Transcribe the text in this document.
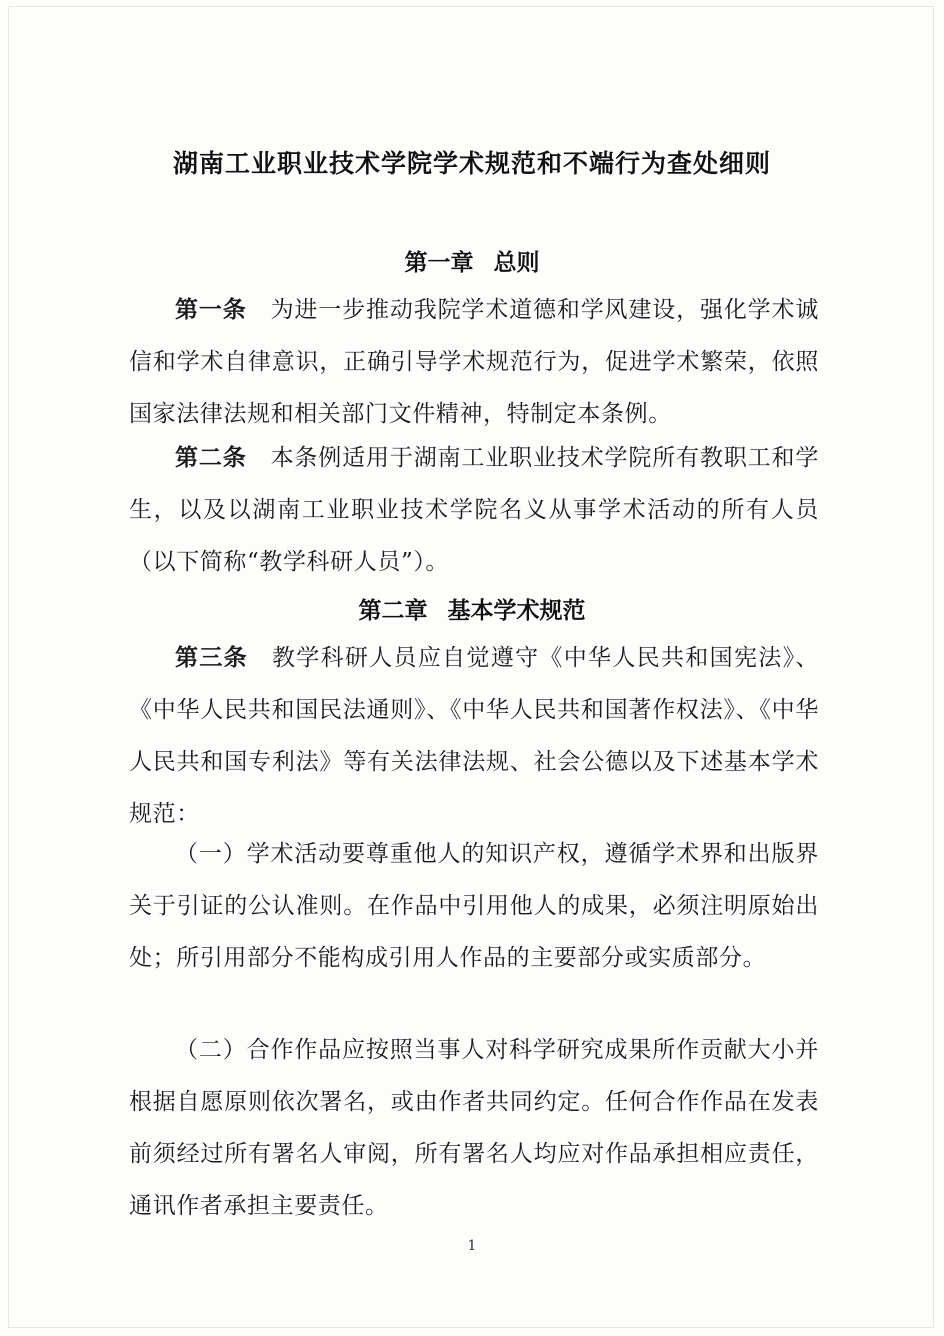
湖南工业职业技术学院学术规范和不端行为查处细则
第一章 总则

第一条 为进一步推动我院学术道德和学风建设，强化学术诚信和学术自律意识，正确引导学术规范行为，促进学术繁荣，依照国家法律法规和相关部门文件精神，特制定本条例。

第二条 本条例适用于湖南工业职业技术学院所有教职工和学生，以及以湖南工业职业技术学院名义从事学术活动的所有人员（以下简称“教学科研人员”）。

第二章 基本学术规范

第三条 教学科研人员应自觉遵守《中华人民共和国宪法》、《中华人民共和国民法通则》、《中华人民共和国著作权法》、《中华人民共和国专利法》等有关法律法规、社会公德以及下述基本学术规范：

（一）学术活动要尊重他人的知识产权，遵循学术界和出版界关于引证的公认准则。在作品中引用他人的成果，必须注明原始出处；所引用部分不能构成引用人作品的主要部分或实质部分。

（二）合作作品应按照当事人对科学研究成果所作贡献大小并根据自愿原则依次署名，或由作者共同约定。任何合作作品在发表前须经过所有署名人审阅，所有署名人均应对作品承担相应责任，通讯作者承担主要责任。

1
